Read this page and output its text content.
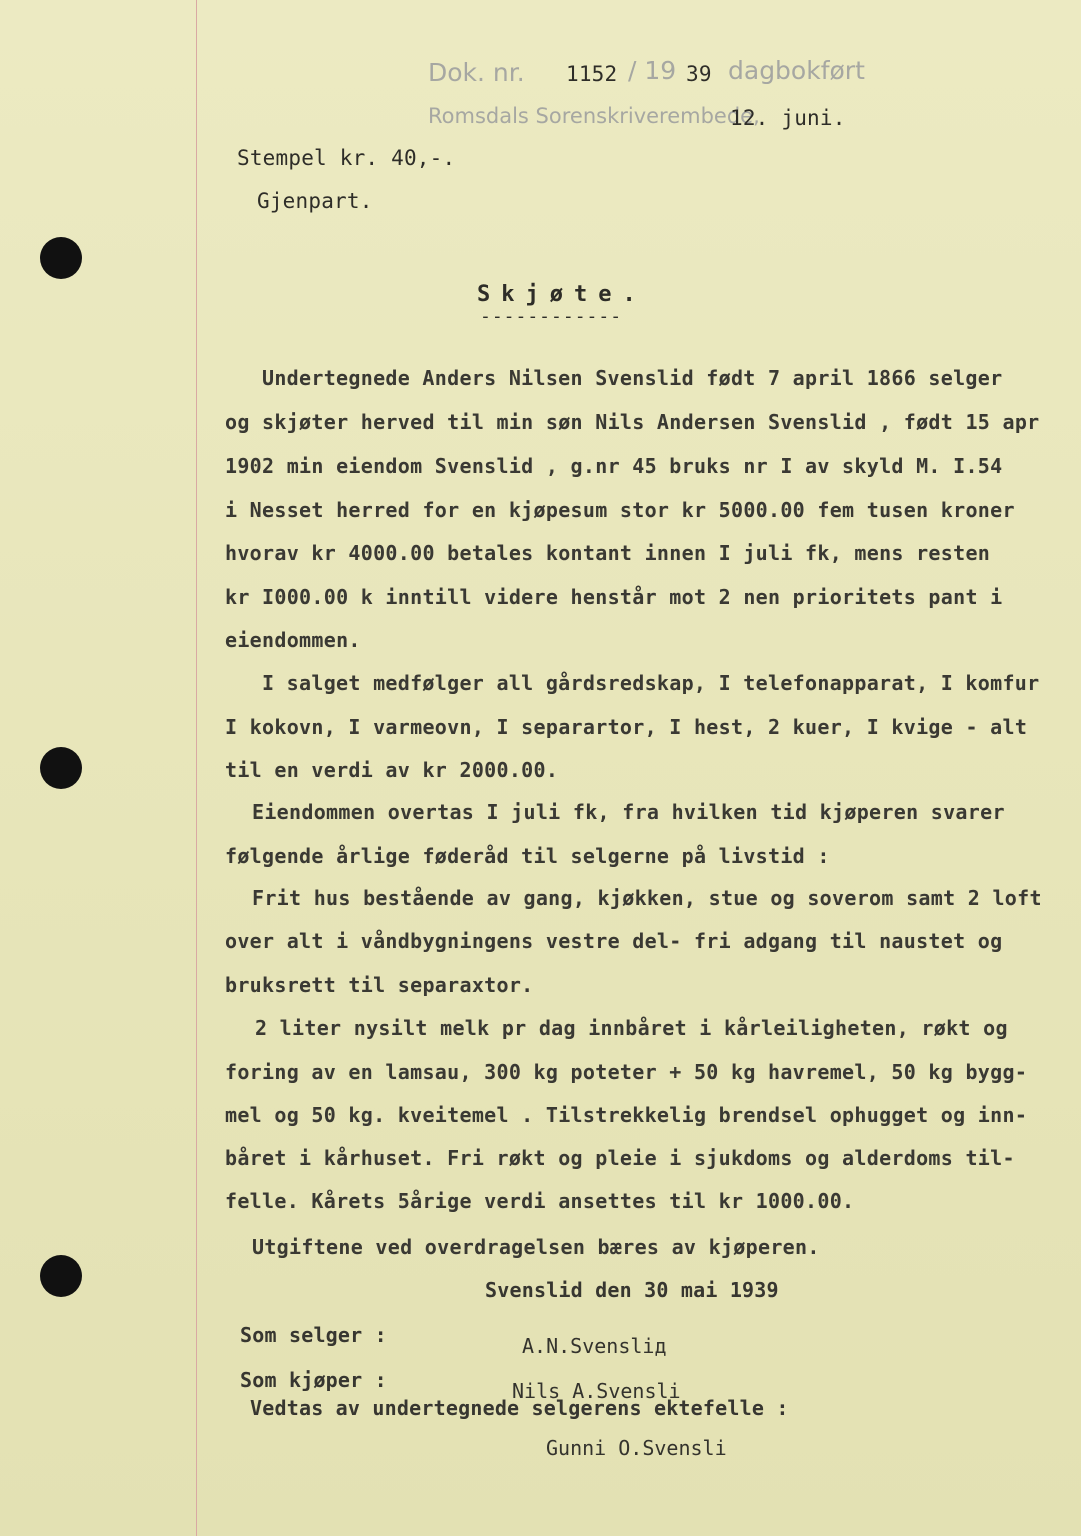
Dok. nr. 1152 / 19 39 dagbokført
Romsdals Sorenskriverembede,
12. juni.
Stempel kr. 40,-.
Gjenpart.
Skjøte.
------------
Undertegnede Anders Nilsen Svenslid født 7 april 1866 selger
og skjøter herved til min søn Nils Andersen Svenslid , født 15 apr
1902 min eiendom Svenslid , g.nr 45 bruks nr I av skyld M. I.54
i Nesset herred for en kjøpesum stor kr 5000.00 fem tusen kroner
hvorav kr 4000.00 betales kontant innen I juli fk, mens resten
kr I000.00 k inntill videre henstår mot 2 nen prioritets pant i
eiendommen.
I salget medfølger all gårdsredskap, I telefonapparat, I komfur
I kokovn, I varmeovn, I separartor, I hest, 2 kuer, I kvige - alt
til en verdi av kr 2000.00.
Eiendommen overtas I juli fk, fra hvilken tid kjøperen svarer
følgende årlige føderåd til selgerne på livstid :
Frit hus bestående av gang, kjøkken, stue og soverom samt 2 loft
over alt i våndbygningens vestre del- fri adgang til naustet og
bruksrett til separaxtor.
2 liter nysilt melk pr dag innbåret i kårleiligheten, røkt og
foring av en lamsau, 300 kg poteter + 50 kg havremel, 50 kg bygg-
mel og 50 kg. kveitemel . Tilstrekkelig brendsel ophugget og inn-
båret i kårhuset. Fri røkt og pleie i sjukdoms og alderdoms til-
felle. Kårets 5årige verdi ansettes til kr 1000.00.
Utgiftene ved overdragelsen bæres av kjøperen.
Svenslid den 30 mai 1939
Som selger :	A.N.Svensliд
Som kjøper :	Nils A.Svensli
Vedtas av undertegnede selgerens ektefelle :
Gunni O.Svensli
